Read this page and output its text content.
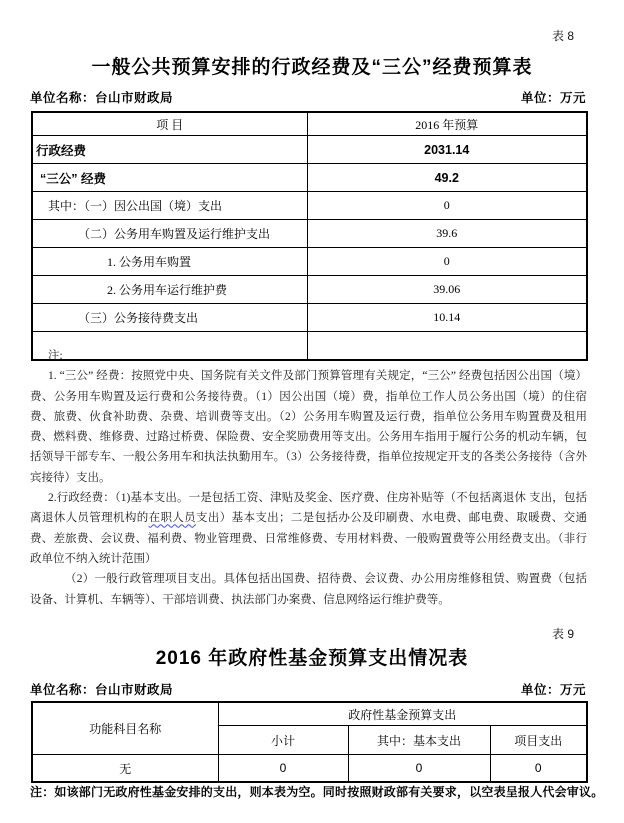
表 8
一般公共预算安排的行政经费及“三公”经费预算表
单位名称：台山市财政局	单位：万元
项 目	2016 年预算
行政经费	2031.14
“三公” 经费	49.2
其中：（一）因公出国（境）支出	0
（二）公务用车购置及运行维护支出	39.6
1. 公务用车购置	0
2. 公务用车运行维护费	39.06
（三）公务接待费支出	10.14

注:

1. “三公” 经费：按照党中央、国务院有关文件及部门预算管理有关规定，“三公” 经费包括因公出国（境）费、公务用车购置及运行费和公务接待费。（1）因公出国（境）费，指单位工作人员公务出国（境）的住宿费、旅费、伙食补助费、杂费、培训费等支出。（2）公务用车购置及运行费，指单位公务用车购置费及租用费、燃料费、维修费、过路过桥费、保险费、安全奖励费用等支出。公务用车指用于履行公务的机动车辆，包括领导干部专车、一般公务用车和执法执勤用车。（3）公务接待费，指单位按规定开支的各类公务接待（含外宾接待）支出。

2.行政经费：（1)基本支出。一是包括工资、津贴及奖金、医疗费、住房补贴等（不包括离退休 支出，包括离退休人员管理机构的在职人员支出）基本支出；二是包括办公及印刷费、水电费、邮电费、取暖费、交通费、差旅费、会议费、福利费、物业管理费、日常维修费、专用材料费、一般购置费等公用经费支出。（非行政单位不纳入统计范围）

（2）一般行政管理项目支出。具体包括出国费、招待费、会议费、办公用房维修租赁、购置费（包括设备、计算机、车辆等）、干部培训费、执法部门办案费、信息网络运行维护费等。

表 9
2016 年政府性基金预算支出情况表
单位名称：台山市财政局	单位：万元
功能科目名称	政府性基金预算支出		
	小计	其中：基本支出	项目支出
无	0	0	0
注：如该部门无政府性基金安排的支出，则本表为空。同时按照财政部有关要求，以空表呈报人代会审议。
